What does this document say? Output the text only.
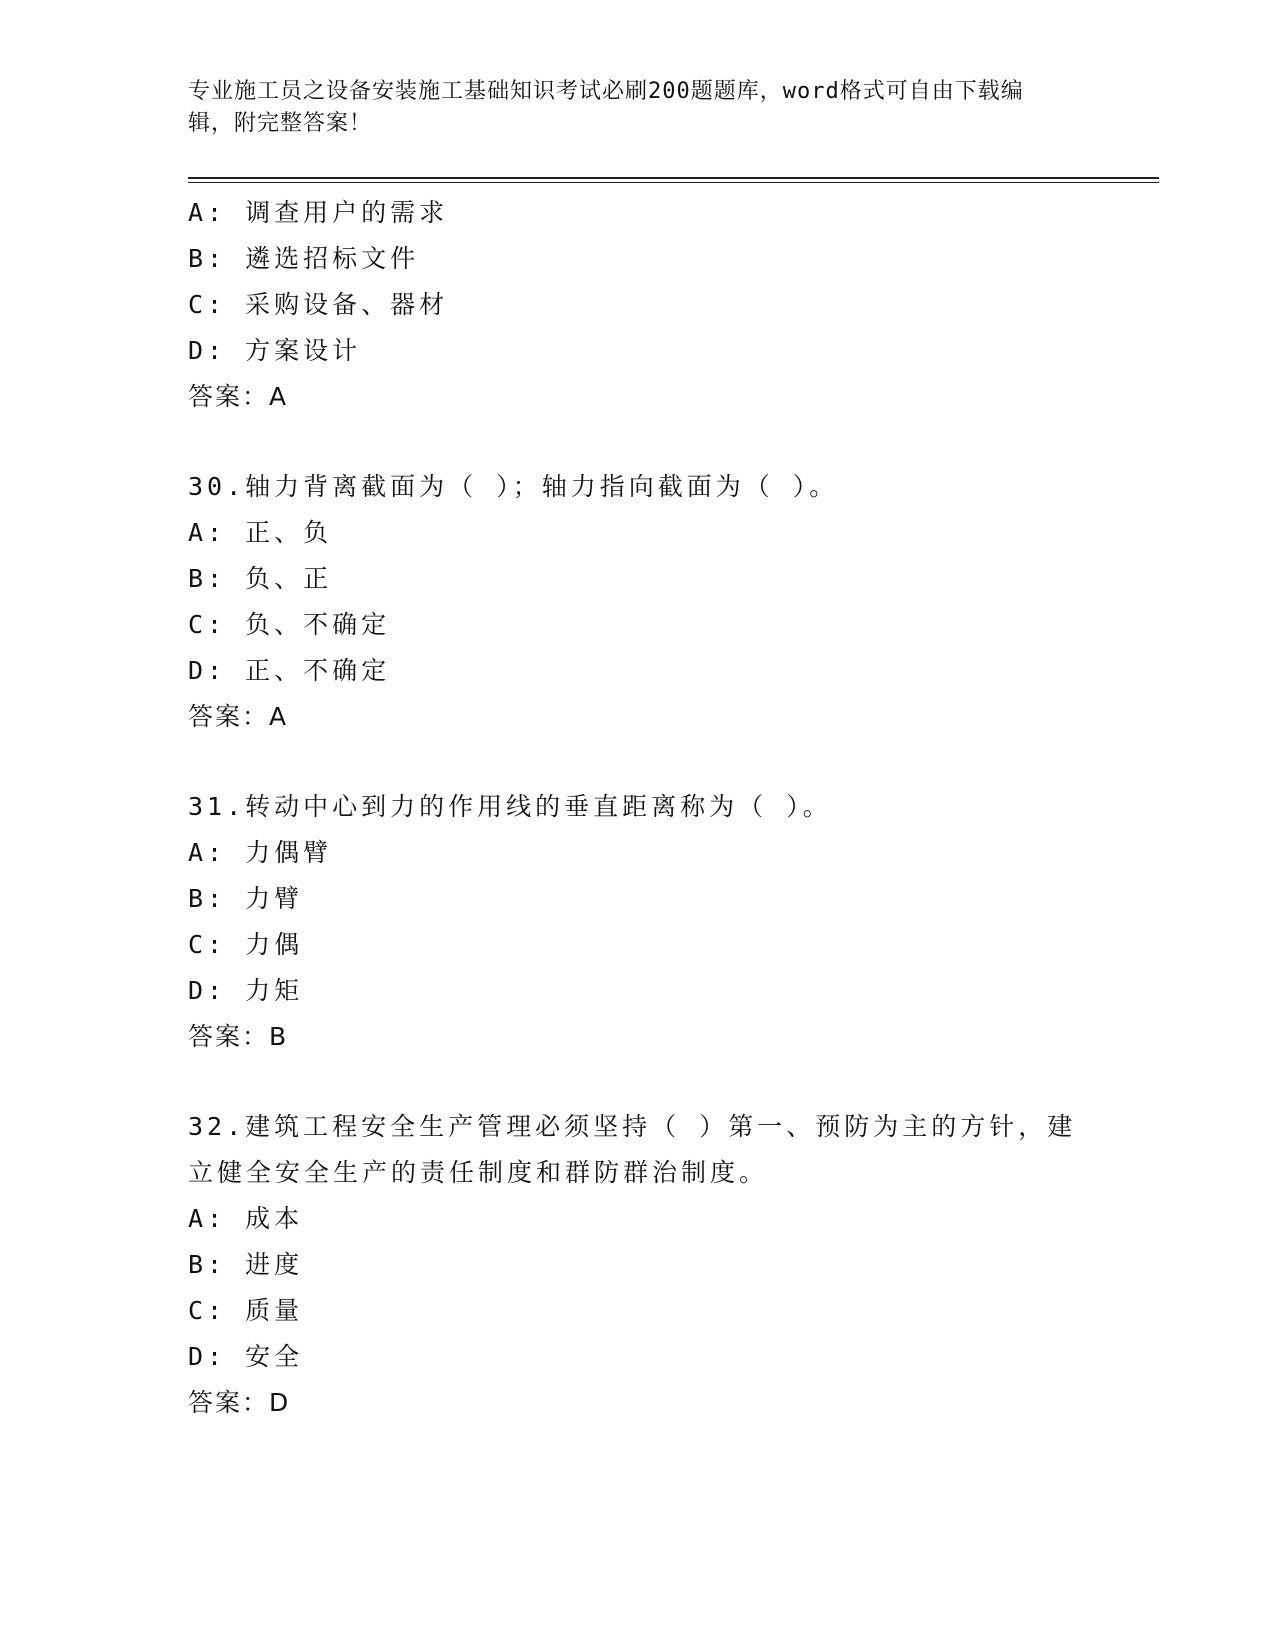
专业施工员之设备安装施工基础知识考试必刷200题题库，word格式可自由下载编辑，附完整答案！
A: 调查用户的需求
B: 遴选招标文件
C: 采购设备、器材
D: 方案设计
答案：A
30.轴力背离截面为（ ）；轴力指向截面为（ ）。
A: 正、负
B: 负、正
C: 负、不确定
D: 正、不确定
答案：A
31.转动中心到力的作用线的垂直距离称为（ ）。
A: 力偶臂
B: 力臂
C: 力偶
D: 力矩
答案：B
32.建筑工程安全生产管理必须坚持（ ）第一、预防为主的方针，建立健全安全生产的责任制度和群防群治制度。
A: 成本
B: 进度
C: 质量
D: 安全
答案：D
